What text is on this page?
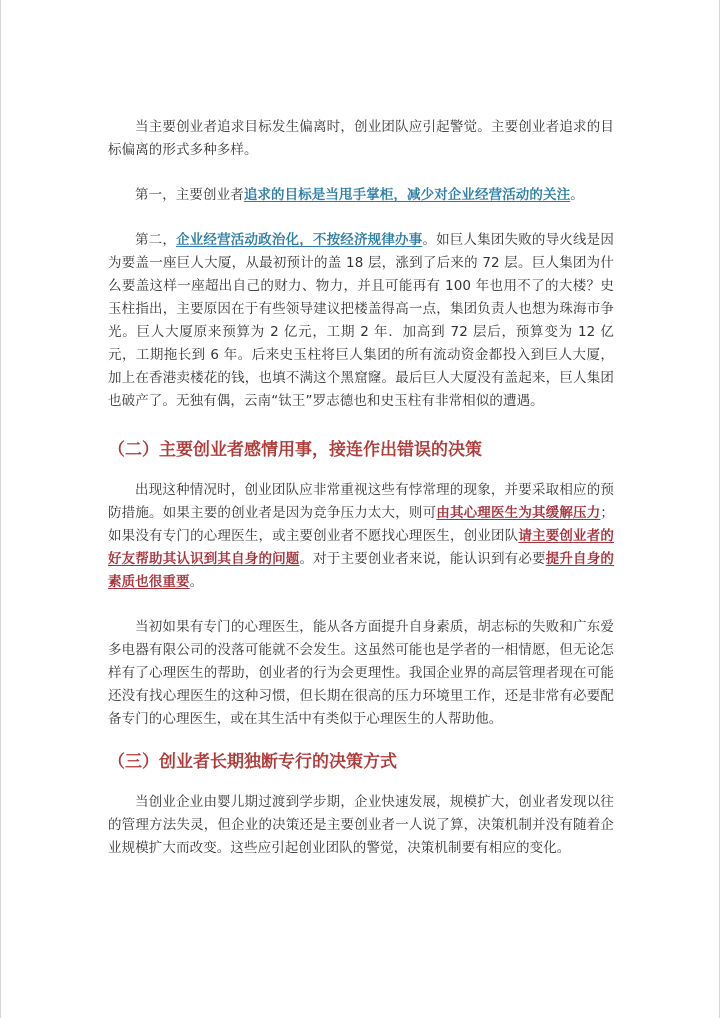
当主要创业者追求目标发生偏离时，创业团队应引起警觉。主要创业者追求的目标偏离的形式多种多样。

第一，主要创业者追求的目标是当甩手掌柜，减少对企业经营活动的关注。

第二，企业经营活动政治化，不按经济规律办事。如巨人集团失败的导火线是因为要盖一座巨人大厦，从最初预计的盖 18 层，涨到了后来的 72 层。巨人集团为什么要盖这样一座超出自己的财力、物力，并且可能再有 100 年也用不了的大楼？史玉柱指出，主要原因在于有些领导建议把楼盖得高一点，集团负责人也想为珠海市争光。巨人大厦原来预算为 2 亿元，工期 2 年．加高到 72 层后，预算变为 12 亿元，工期拖长到 6 年。后来史玉柱将巨人集团的所有流动资金都投入到巨人大厦，加上在香港卖楼花的钱，也填不满这个黑窟窿。最后巨人大厦没有盖起来，巨人集团也破产了。无独有偶，云南“钛王”罗志德也和史玉柱有非常相似的遭遇。

（二）主要创业者感情用事，接连作出错误的决策

出现这种情况时，创业团队应非常重视这些有悖常理的现象，并要采取相应的预防措施。如果主要的创业者是因为竞争压力太大，则可由其心理医生为其缓解压力；如果没有专门的心理医生，或主要创业者不愿找心理医生，创业团队请主要创业者的好友帮助其认识到其自身的问题。对于主要创业者来说，能认识到有必要提升自身的素质也很重要。

当初如果有专门的心理医生，能从各方面提升自身素质，胡志标的失败和广东爱多电器有限公司的没落可能就不会发生。这虽然可能也是学者的一相情愿，但无论怎样有了心理医生的帮助，创业者的行为会更理性。我国企业界的高层管理者现在可能还没有找心理医生的这种习惯，但长期在很高的压力环境里工作，还是非常有必要配备专门的心理医生，或在其生活中有类似于心理医生的人帮助他。

（三）创业者长期独断专行的决策方式

当创业企业由婴儿期过渡到学步期，企业快速发展，规模扩大，创业者发现以往的管理方法失灵，但企业的决策还是主要创业者一人说了算，决策机制并没有随着企业规模扩大而改变。这些应引起创业团队的警觉，决策机制要有相应的变化。
